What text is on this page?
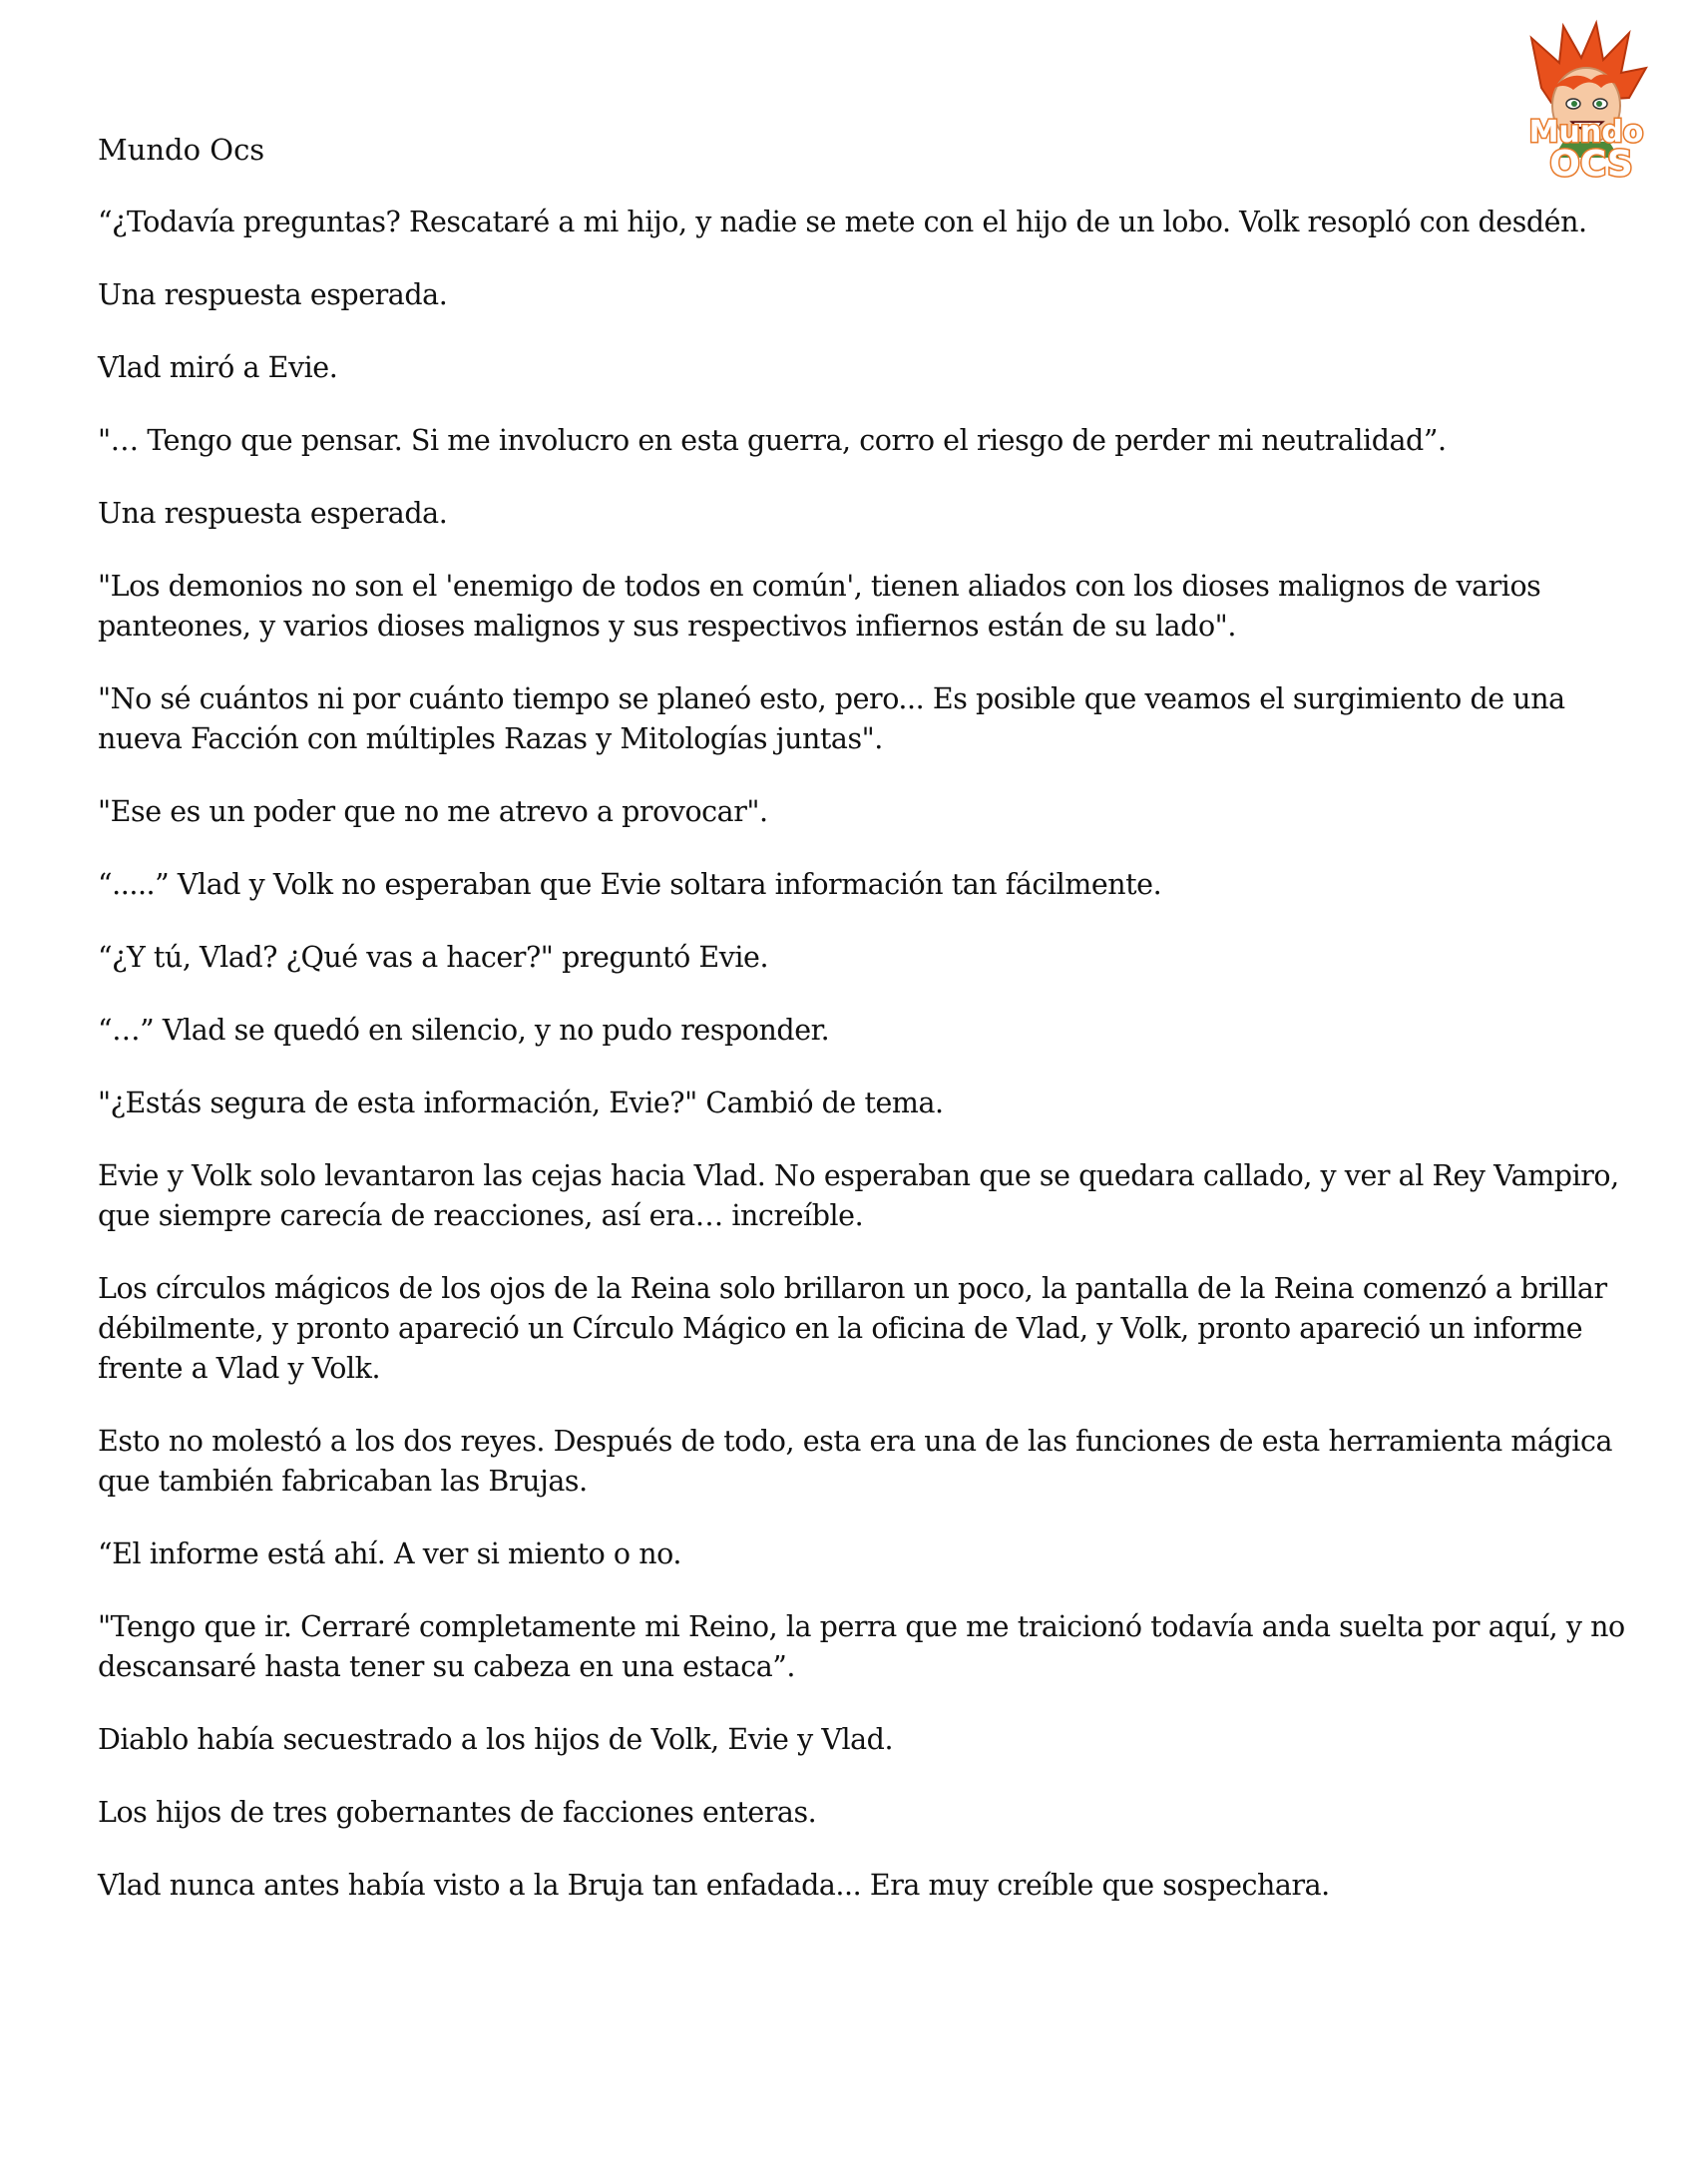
Mundo
OCS
Mundo Ocs

“¿Todavía preguntas? Rescataré a mi hijo, y nadie se mete con el hijo de un lobo. Volk resopló con desdén.

Una respuesta esperada.

Vlad miró a Evie.

"… Tengo que pensar. Si me involucro en esta guerra, corro el riesgo de perder mi neutralidad”.

Una respuesta esperada.

"Los demonios no son el 'enemigo de todos en común', tienen aliados con los dioses malignos de varios panteones, y varios dioses malignos y sus respectivos infiernos están de su lado".

"No sé cuántos ni por cuánto tiempo se planeó esto, pero... Es posible que veamos el surgimiento de una nueva Facción con múltiples Razas y Mitologías juntas".

"Ese es un poder que no me atrevo a provocar".

“.....” Vlad y Volk no esperaban que Evie soltara información tan fácilmente.

“¿Y tú, Vlad? ¿Qué vas a hacer?" preguntó Evie.

“…” Vlad se quedó en silencio, y no pudo responder.

"¿Estás segura de esta información, Evie?" Cambió de tema.

Evie y Volk solo levantaron las cejas hacia Vlad. No esperaban que se quedara callado, y ver al Rey Vampiro, que siempre carecía de reacciones, así era… increíble.

Los círculos mágicos de los ojos de la Reina solo brillaron un poco, la pantalla de la Reina comenzó a brillar débilmente, y pronto apareció un Círculo Mágico en la oficina de Vlad, y Volk, pronto apareció un informe frente a Vlad y Volk.

Esto no molestó a los dos reyes. Después de todo, esta era una de las funciones de esta herramienta mágica que también fabricaban las Brujas.

“El informe está ahí. A ver si miento o no.

"Tengo que ir. Cerraré completamente mi Reino, la perra que me traicionó todavía anda suelta por aquí, y no descansaré hasta tener su cabeza en una estaca”.

Diablo había secuestrado a los hijos de Volk, Evie y Vlad.

Los hijos de tres gobernantes de facciones enteras.

Vlad nunca antes había visto a la Bruja tan enfadada... Era muy creíble que sospechara.
